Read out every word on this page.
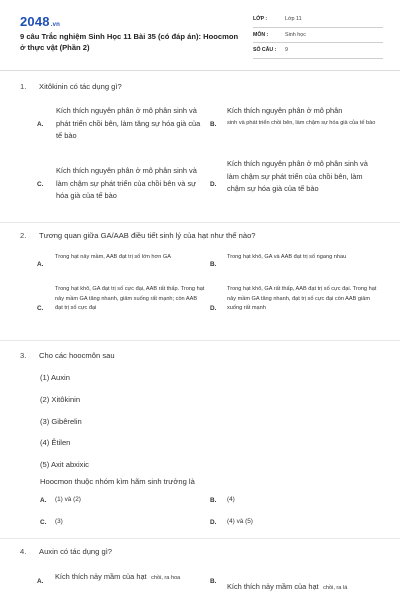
2048.vn
9 câu Trắc nghiệm Sinh Học 11 Bài 35 (có đáp án): Hoocmon ở thực vật (Phần 2)
LỚP :	Lớp 11
MÔN :	Sinh học
SỐ CÂU : 9
1. Xitôkinin có tác dụng gì?
A.
Kích thích nguyên phân ở mô phân sinh và phát triển chồi bên, làm tăng sự hóa già của tế bào
B.
Kích thích nguyên phân ở mô phân
sinh và phát triển chồi bên, làm chậm sự hóa già của tế bào
C.
Kích thích nguyên phân ở mô phân sinh và làm chậm sự phát triển của chồi bên và sự hóa già của tế bào
D.
Kích thích nguyên phân ở mô phân sinh và làm chậm sự phát triển của chồi bên, làm chậm sự hóa già của tế bào
2. Tương quan giữa GA/AAB điều tiết sinh lý của hạt như thế nào?
A.
Trong hạt nảy mầm, AAB đạt trị số lớn hơn GA
B.
Trong hạt khô, GA và AAB đạt trị số ngang nhau
C.
Trong hạt khô, GA đạt trị số cực đại, AAB rất thấp. Trong hạt nảy mầm GA tăng nhanh, giảm xuống rất mạnh; còn AAB đạt trị số cực đại	D.
Trong hạt khô, GA rất thấp, AAB đạt trị số cực đại. Trong hạt nảy mầm GA tăng nhanh, đạt trị số cực đại còn AAB giảm xuống rất mạnh
3. Cho các hoocmôn sau
(1) Auxin
(2) Xitôkinin
(3) Gibêrelin
(4) Êtilen
(5) Axit abxixic
Hoocmon thuộc nhóm kìm hãm sinh trưởng là
A. (1) và (2)	B. (4)
C. (3)	D. (4) và (5)
4. Auxin có tác dụng gì?
A.
Kích thích nảy mầm của hạt chồi, ra hoa	B.
Kích thích nảy mầm của hạt chồi, ra lá
